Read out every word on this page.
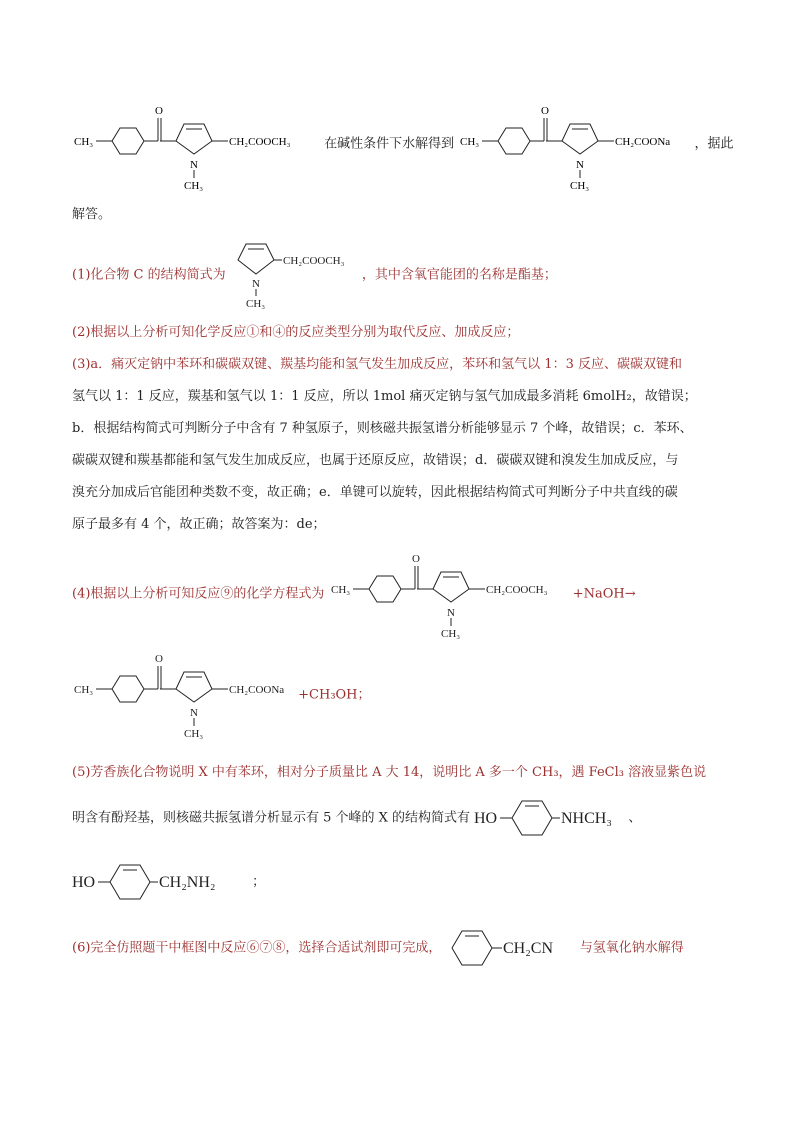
CH₃
O
N
CH₃
CH₂COOCH₃	在碱性条件下水解得到 CH₃
O
N
CH₃
CH₂COONa ，据此
解答。
(1)化合物 C 的结构简式为
N
CH₃
CH₂COOCH₃
，其中含氧官能团的名称是酯基；
(2)根据以上分析可知化学反应①和④的反应类型分别为取代反应、加成反应；
(3)a．痛灭定钠中苯环和碳碳双键、羰基均能和氢气发生加成反应，苯环和氢气以 1：3 反应、碳碳双键和
氢气以 1：1 反应，羰基和氢气以 1：1 反应，所以 1mol 痛灭定钠与氢气加成最多消耗 6molH₂，故错误；
b．根据结构简式可判断分子中含有 7 种氢原子，则核磁共振氢谱分析能够显示 7 个峰，故错误；c．苯环、
碳碳双键和羰基都能和氢气发生加成反应，也属于还原反应，故错误；d．碳碳双键和溴发生加成反应，与
溴充分加成后官能团种类数不变，故正确；e．单键可以旋转，因此根据结构简式可判断分子中共直线的碳
原子最多有 4 个，故正确；故答案为：de；
(4)根据以上分析可知反应⑨的化学方程式为 CH₃
O
N
CH₃
CH₂COOCH₃ +NaOH→
CH₃
O
N
CH₃
CH₂COONa +CH₃OH；
(5)芳香族化合物说明 X 中有苯环，相对分子质量比 A 大 14，说明比 A 多一个 CH₃，遇 FeCl₃ 溶液显紫色说
明含有酚羟基，则核磁共振氢谱分析显示有 5 个峰的 X 的结构简式有 HO	NHCH₃ 、
HO	CH₂NH₂	；
(6)完全仿照题干中框图中反应⑥⑦⑧，选择合适试剂即可完成，	CH₂CN 与氢氧化钠水解得
